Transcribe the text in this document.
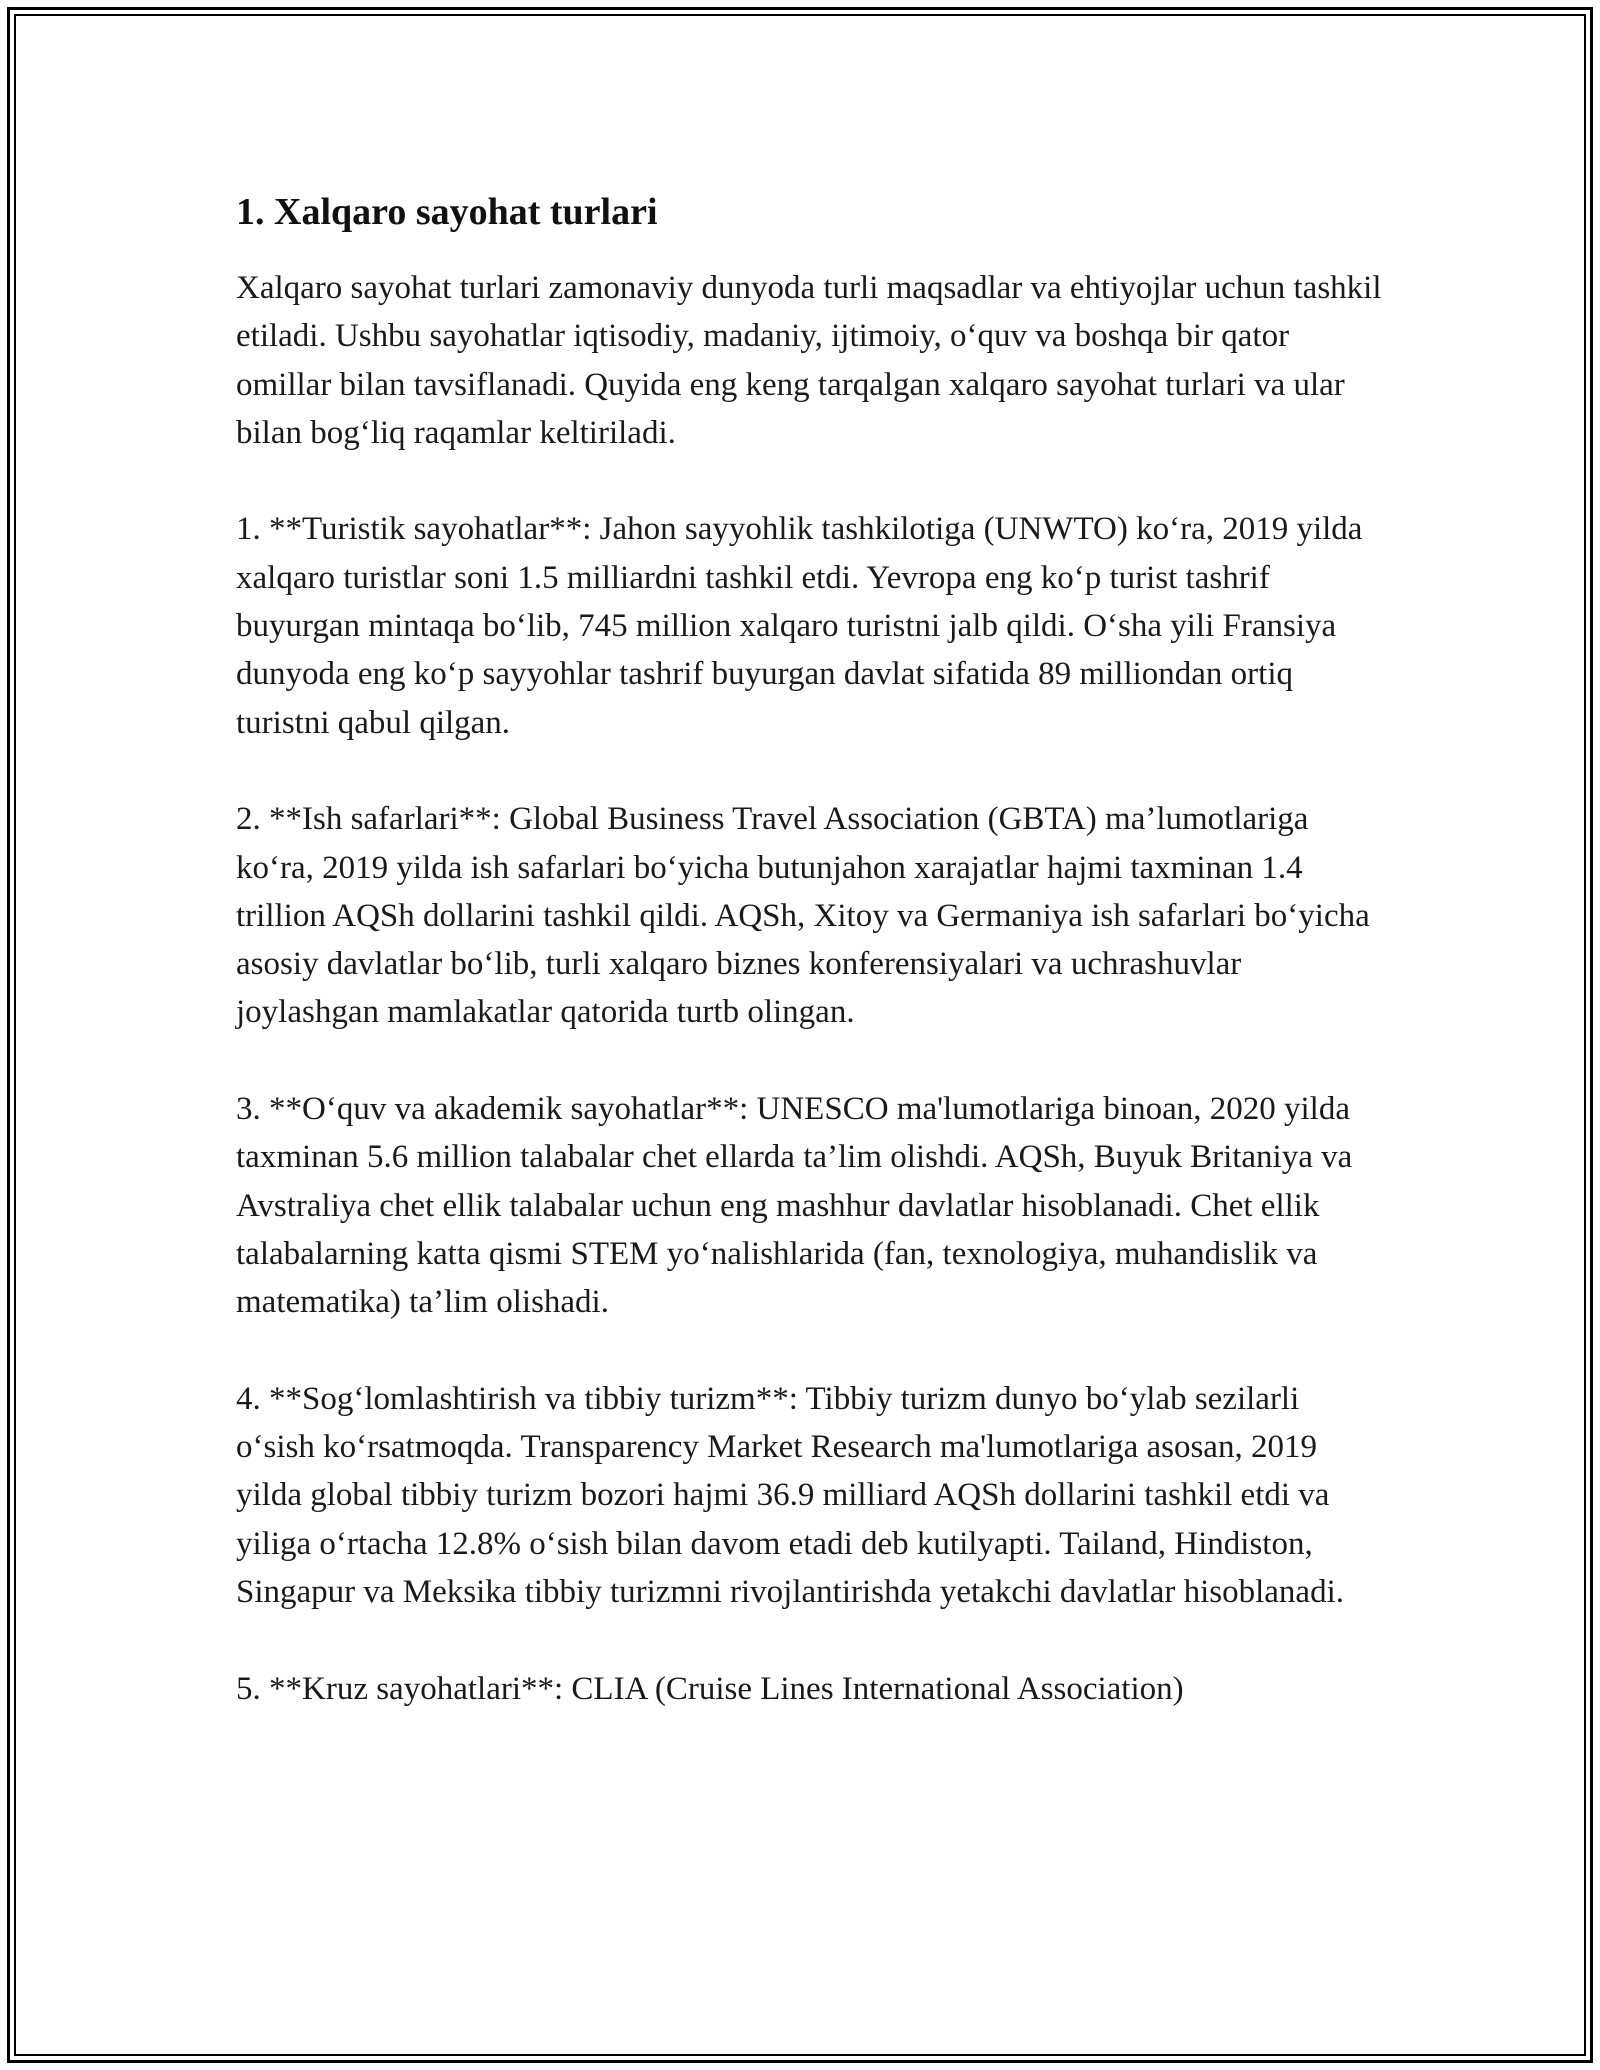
1. Xalqaro sayohat turlari

Xalqaro sayohat turlari zamonaviy dunyoda turli maqsadlar va ehtiyojlar uchun tashkil etiladi. Ushbu sayohatlar iqtisodiy, madaniy, ijtimoiy, o‘quv va boshqa bir qator omillar bilan tavsiflanadi. Quyida eng keng tarqalgan xalqaro sayohat turlari va ular bilan bog‘liq raqamlar keltiriladi.

1. **Turistik sayohatlar**: Jahon sayyohlik tashkilotiga (UNWTO) ko‘ra, 2019 yilda xalqaro turistlar soni 1.5 milliardni tashkil etdi. Yevropa eng ko‘p turist tashrif buyurgan mintaqa bo‘lib, 745 million xalqaro turistni jalb qildi. O‘sha yili Fransiya dunyoda eng ko‘p sayyohlar tashrif buyurgan davlat sifatida 89 milliondan ortiq turistni qabul qilgan.

2. **Ish safarlari**: Global Business Travel Association (GBTA) ma’lumotlariga ko‘ra, 2019 yilda ish safarlari bo‘yicha butunjahon xarajatlar hajmi taxminan 1.4 trillion AQSh dollarini tashkil qildi. AQSh, Xitoy va Germaniya ish safarlari bo‘yicha asosiy davlatlar bo‘lib, turli xalqaro biznes konferensiyalari va uchrashuvlar joylashgan mamlakatlar qatorida turtb olingan.

3. **O‘quv va akademik sayohatlar**: UNESCO ma'lumotlariga binoan, 2020 yilda taxminan 5.6 million talabalar chet ellarda ta’lim olishdi. AQSh, Buyuk Britaniya va Avstraliya chet ellik talabalar uchun eng mashhur davlatlar hisoblanadi. Chet ellik talabalarning katta qismi STEM yo‘nalishlarida (fan, texnologiya, muhandislik va matematika) ta’lim olishadi.

4. **Sog‘lomlashtirish va tibbiy turizm**: Tibbiy turizm dunyo bo‘ylab sezilarli o‘sish ko‘rsatmoqda. Transparency Market Research ma'lumotlariga asosan, 2019 yilda global tibbiy turizm bozori hajmi 36.9 milliard AQSh dollarini tashkil etdi va yiliga o‘rtacha 12.8% o‘sish bilan davom etadi deb kutilyapti. Tailand, Hindiston, Singapur va Meksika tibbiy turizmni rivojlantirishda yetakchi davlatlar hisoblanadi.

5. **Kruz sayohatlari**: CLIA (Cruise Lines International Association)
